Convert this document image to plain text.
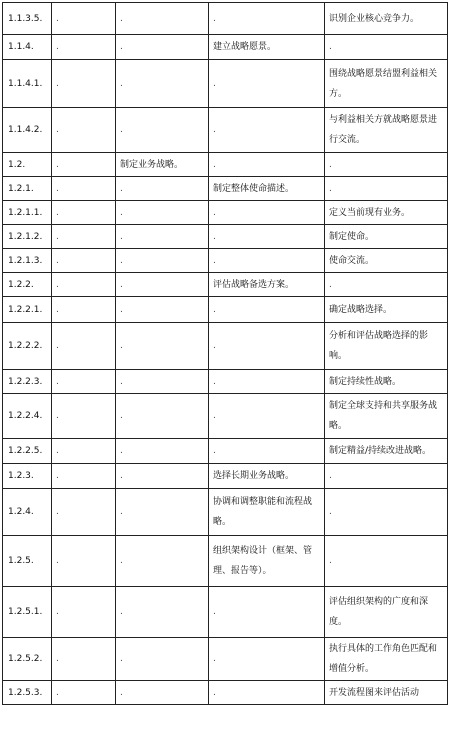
1.1.3.5.	.	.	.	识别企业核心竞争力。
1.1.4.	.	.	建立战略愿景。	.
1.1.4.1.	.	.	.	围绕战略愿景结盟利益相关方。
1.1.4.2.	.	.	.	与利益相关方就战略愿景进行交流。
1.2.	.	制定业务战略。	.	.
1.2.1.	.	.	制定整体使命描述。	.
1.2.1.1.	.	.	.	定义当前现有业务。
1.2.1.2.	.	.	.	制定使命。
1.2.1.3.	.	.	.	使命交流。
1.2.2.	.	.	评估战略备选方案。	.
1.2.2.1.	.	.	.	确定战略选择。
1.2.2.2.	.	.	.	分析和评估战略选择的影响。
1.2.2.3.	.	.	.	制定持续性战略。
1.2.2.4.	.	.	.	制定全球支持和共享服务战略。
1.2.2.5.	.	.	.	制定精益/持续改进战略。
1.2.3.	.	.	选择长期业务战略。	.
1.2.4.	.	.	协调和调整职能和流程战略。	.
1.2.5.	.	.	组织架构设计（框架、管理、报告等）。	.
1.2.5.1.	.	.	.	评估组织架构的广度和深度。
1.2.5.2.	.	.	.	执行具体的工作角色匹配和增值分析。
1.2.5.3.	.	.	.	开发流程图来评估活动
